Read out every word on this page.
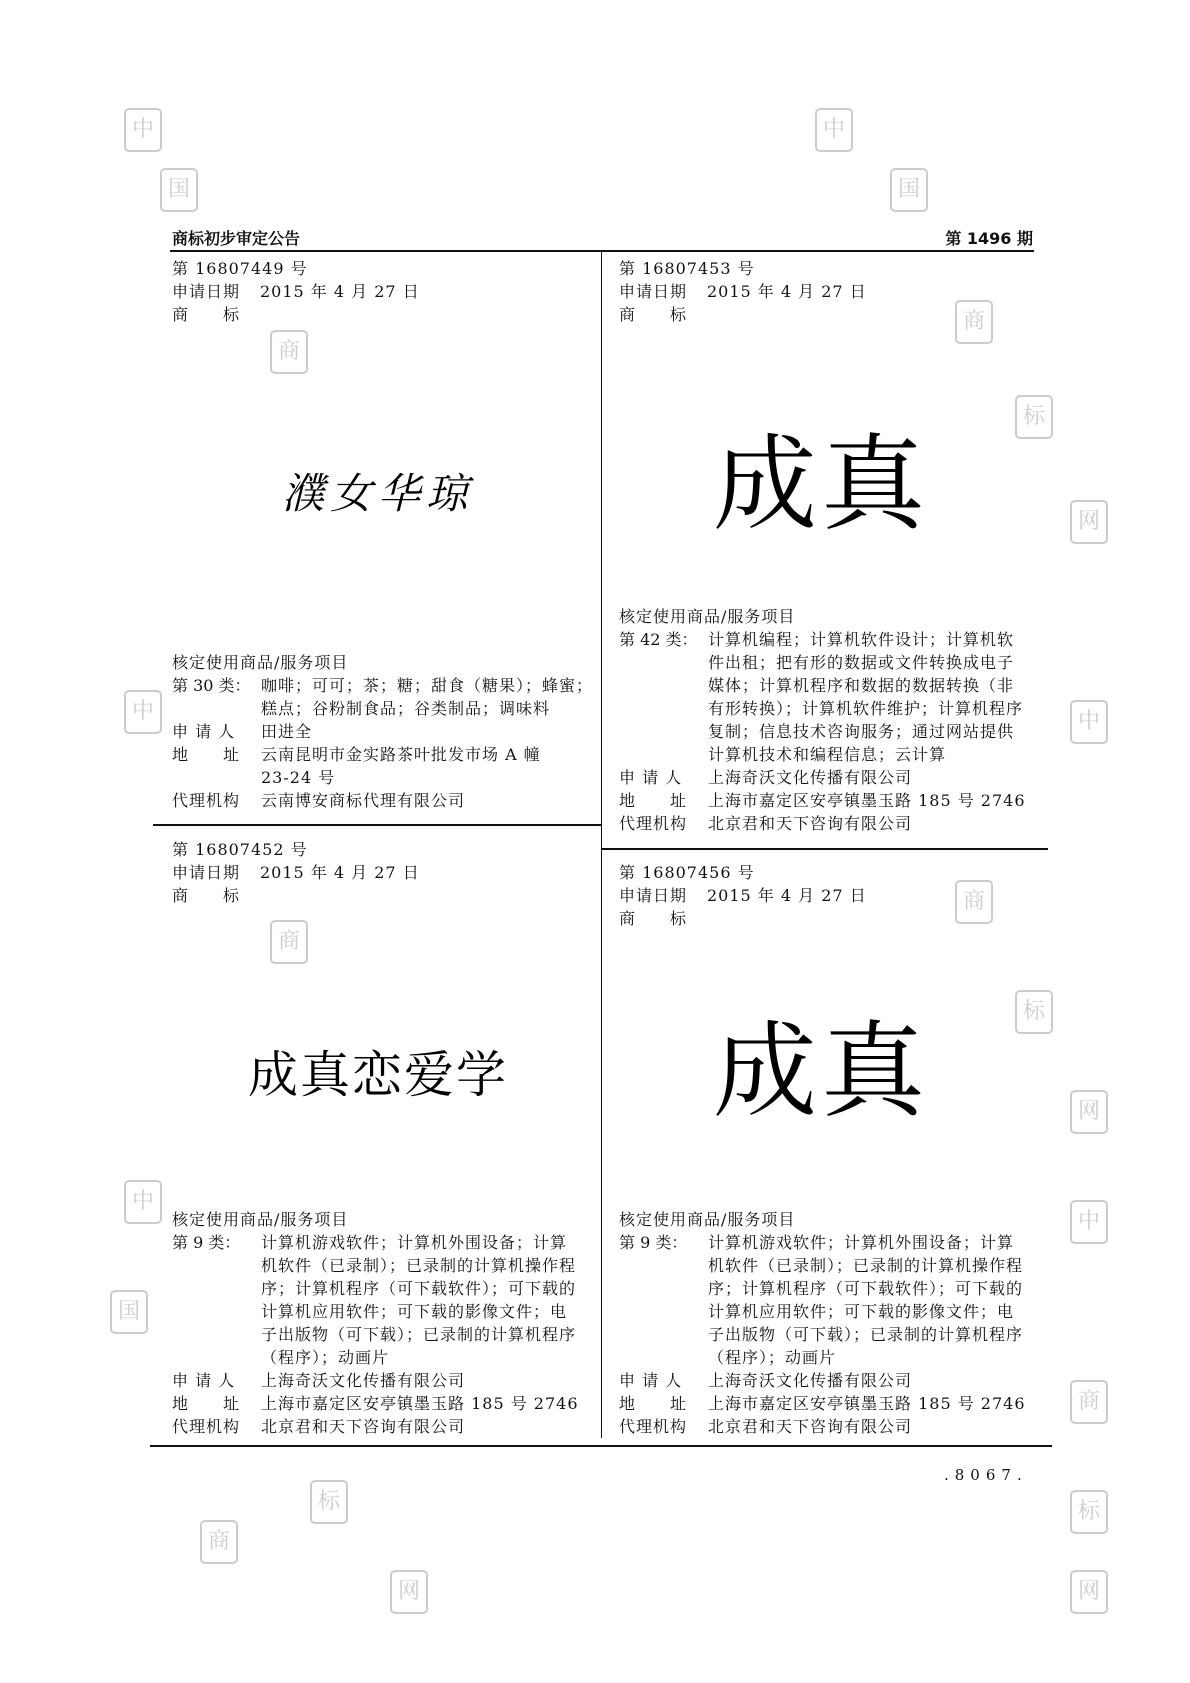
商标初步审定公告	第 1496 期
.8067.
第 16807449 号
申请日期 2015 年 4 月 27 日
商　　标
濮女华琼
核定使用商品/服务项目
第 30 类： 咖啡；可可；茶；糖；甜食（糖果）；蜂蜜；
糕点；谷粉制食品；谷类制品；调味料
申 请 人 田进全
地　　址 云南昆明市金实路茶叶批发市场 A 幢
23-24 号
代理机构 云南博安商标代理有限公司
第 16807453 号
申请日期 2015 年 4 月 27 日
商　　标
成真
核定使用商品/服务项目
第 42 类： 计算机编程；计算机软件设计；计算机软
件出租；把有形的数据或文件转换成电子
媒体；计算机程序和数据的数据转换（非
有形转换）；计算机软件维护；计算机程序
复制；信息技术咨询服务；通过网站提供
计算机技术和编程信息；云计算
申 请 人 上海奇沃文化传播有限公司
地　　址 上海市嘉定区安亭镇墨玉路 185 号 2746
代理机构 北京君和天下咨询有限公司
第 16807452 号
申请日期 2015 年 4 月 27 日
商　　标
成真恋爱学
核定使用商品/服务项目
第 9 类： 计算机游戏软件；计算机外围设备；计算
机软件（已录制）；已录制的计算机操作程
序；计算机程序（可下载软件）；可下载的
计算机应用软件；可下载的影像文件；电
子出版物（可下载）；已录制的计算机程序
（程序）；动画片
申 请 人 上海奇沃文化传播有限公司
地　　址 上海市嘉定区安亭镇墨玉路 185 号 2746
代理机构 北京君和天下咨询有限公司
第 16807456 号
申请日期 2015 年 4 月 27 日
商　　标
成真
核定使用商品/服务项目
第 9 类： 计算机游戏软件；计算机外围设备；计算
机软件（已录制）；已录制的计算机操作程
序；计算机程序（可下载软件）；可下载的
计算机应用软件；可下载的影像文件；电
子出版物（可下载）；已录制的计算机程序
（程序）；动画片
申 请 人 上海奇沃文化传播有限公司
地　　址 上海市嘉定区安亭镇墨玉路 185 号 2746
代理机构 北京君和天下咨询有限公司
中	中
国	国
商
商
标
网
中	中
商
商
标
网
中
中
国
商
商
标	标
网	网
